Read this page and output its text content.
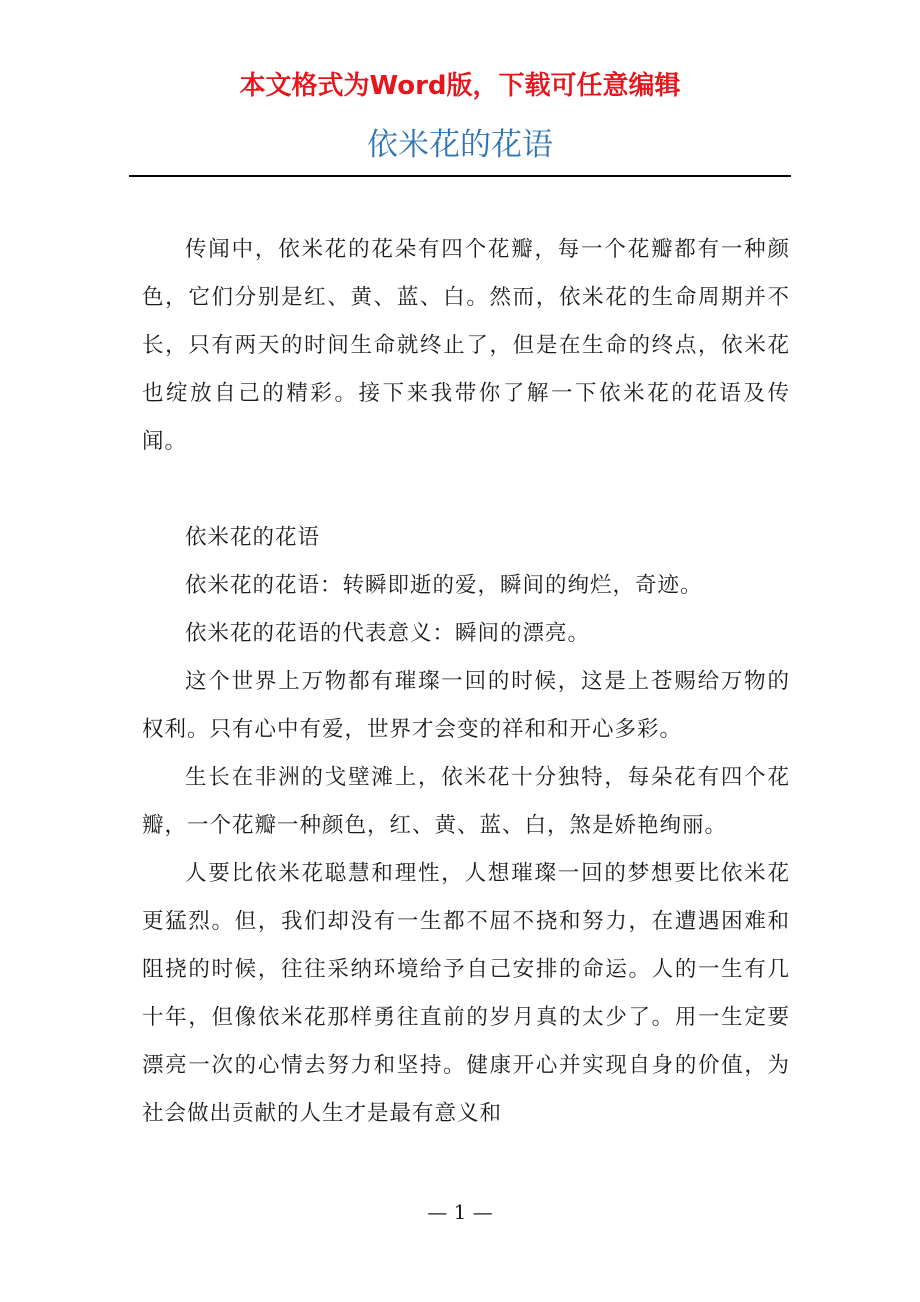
本文格式为Word版，下载可任意编辑
依米花的花语

传闻中，依米花的花朵有四个花瓣，每一个花瓣都有一种颜色，它们分别是红、黄、蓝、白。然而，依米花的生命周期并不长，只有两天的时间生命就终止了，但是在生命的终点，依米花也绽放自己的精彩。接下来我带你了解一下依米花的花语及传闻。

依米花的花语

依米花的花语：转瞬即逝的爱，瞬间的绚烂，奇迹。

依米花的花语的代表意义：瞬间的漂亮。

这个世界上万物都有璀璨一回的时候，这是上苍赐给万物的权利。只有心中有爱，世界才会变的祥和和开心多彩。

生长在非洲的戈壁滩上，依米花十分独特，每朵花有四个花瓣，一个花瓣一种颜色，红、黄、蓝、白，煞是娇艳绚丽。

人要比依米花聪慧和理性，人想璀璨一回的梦想要比依米花更猛烈。但，我们却没有一生都不屈不挠和努力，在遭遇困难和阻挠的时候，往往采纳环境给予自己安排的命运。人的一生有几十年，但像依米花那样勇往直前的岁月真的太少了。用一生定要漂亮一次的心情去努力和坚持。健康开心并实现自身的价值，为社会做出贡献的人生才是最有意义和

— 1 —
